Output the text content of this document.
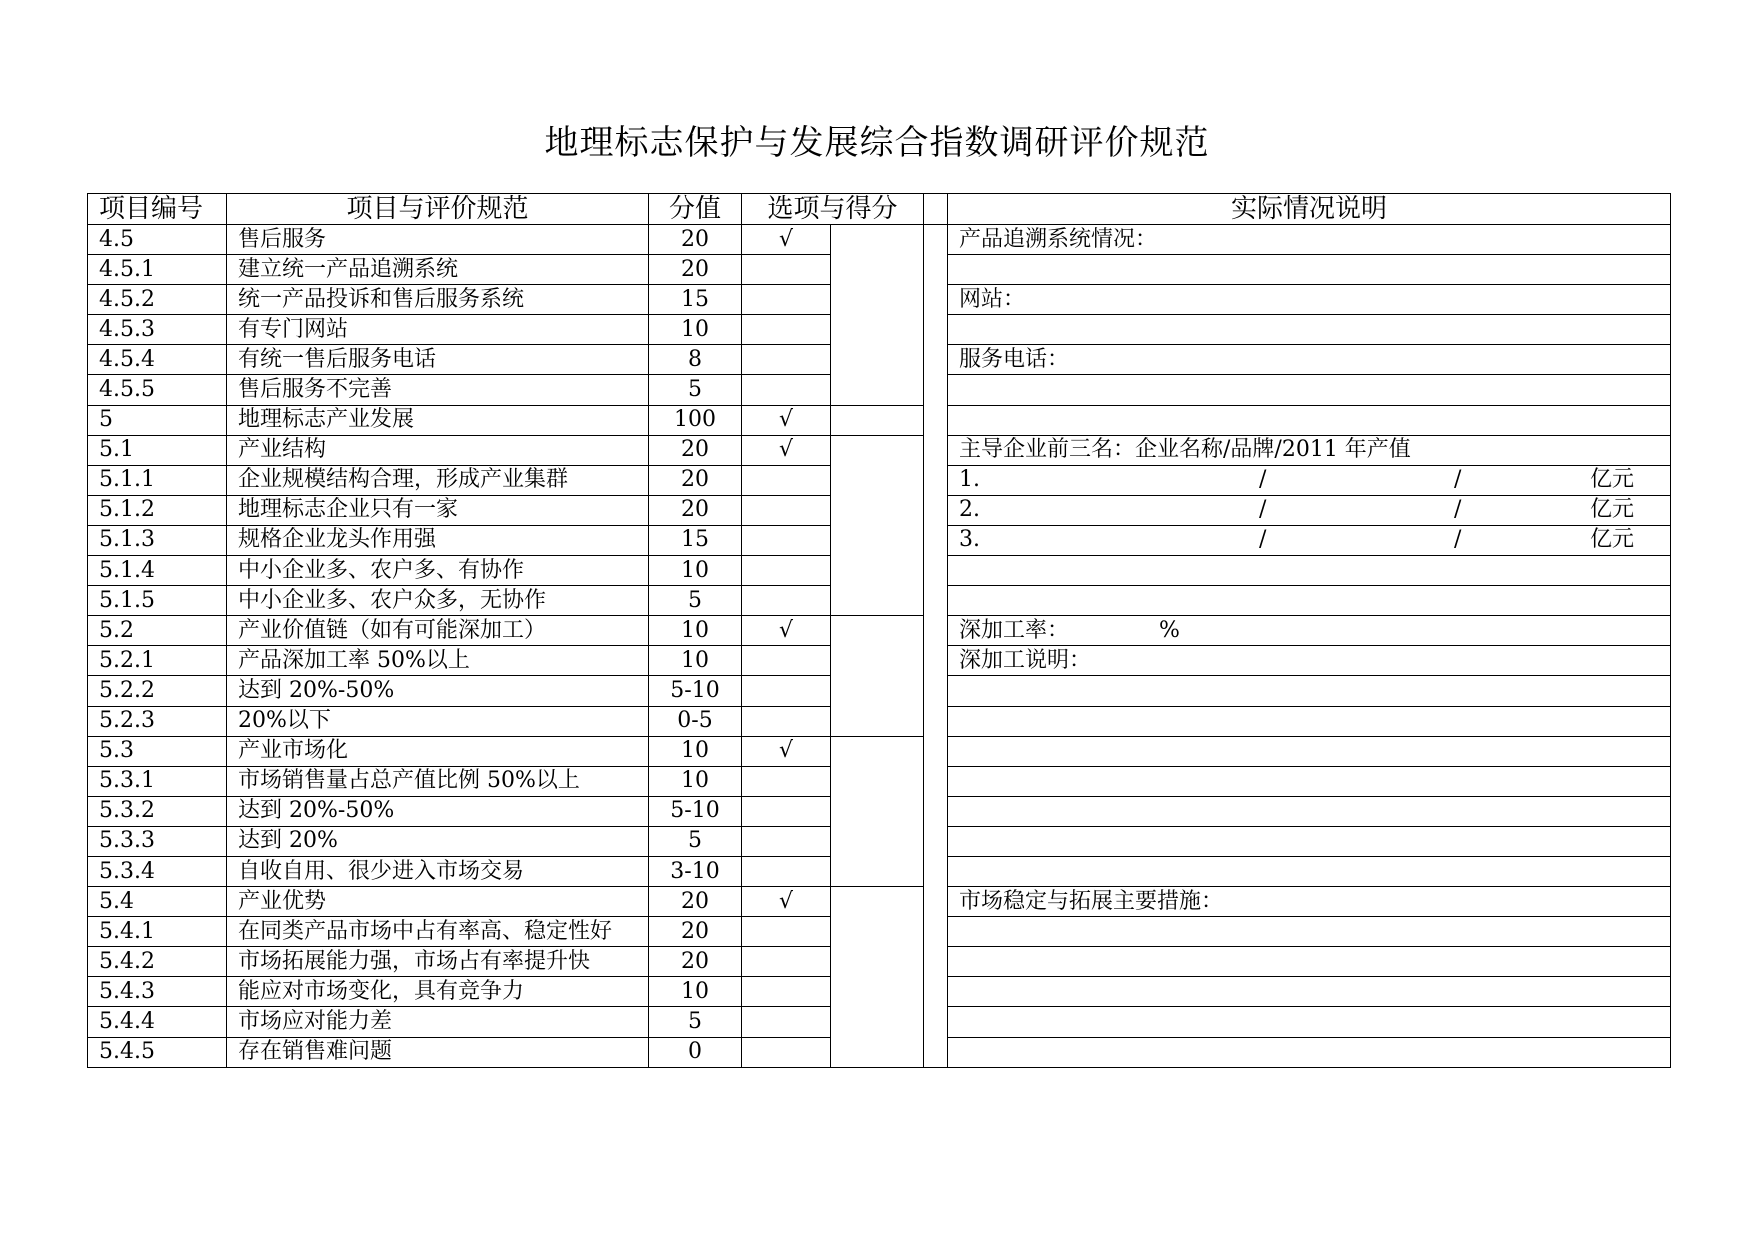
地理标志保护与发展综合指数调研评价规范
项目编号	项目与评价规范	分值	选项与得分			实际情况说明
4.5	售后服务	20	√			产品追溯系统情况：
4.5.1	建立统一产品追溯系统	20				
4.5.2	统一产品投诉和售后服务系统	15				网站：
4.5.3	有专门网站	10				
4.5.4	有统一售后服务电话	8				服务电话：
4.5.5	售后服务不完善	5				
5	地理标志产业发展	100	√			
5.1	产业结构	20	√			主导企业前三名：企业名称/品牌/2011 年产值
5.1.1	企业规模结构合理，形成产业集群	20				1. / / 亿元

5.1.2	地理标志企业只有一家	20				2. / / 亿元

5.1.3	规格企业龙头作用强	15				3. / / 亿元

5.1.4	中小企业多、农户多、有协作	10				
5.1.5	中小企业多、农户众多，无协作	5				
5.2	产业价值链（如有可能深加工）	10	√			深加工率： %

5.2.1	产品深加工率 50%以上	10				深加工说明：
5.2.2	达到 20%-50%	5-10				
5.2.3	20%以下	0-5				
5.3	产业市场化	10	√			
5.3.1	市场销售量占总产值比例 50%以上	10				
5.3.2	达到 20%-50%	5-10				
5.3.3	达到 20%	5				
5.3.4	自收自用、很少进入市场交易	3-10				
5.4	产业优势	20	√			市场稳定与拓展主要措施：
5.4.1	在同类产品市场中占有率高、稳定性好	20				
5.4.2	市场拓展能力强，市场占有率提升快	20				
5.4.3	能应对市场变化，具有竞争力	10				
5.4.4	市场应对能力差	5				
5.4.5	存在销售难问题	0				
